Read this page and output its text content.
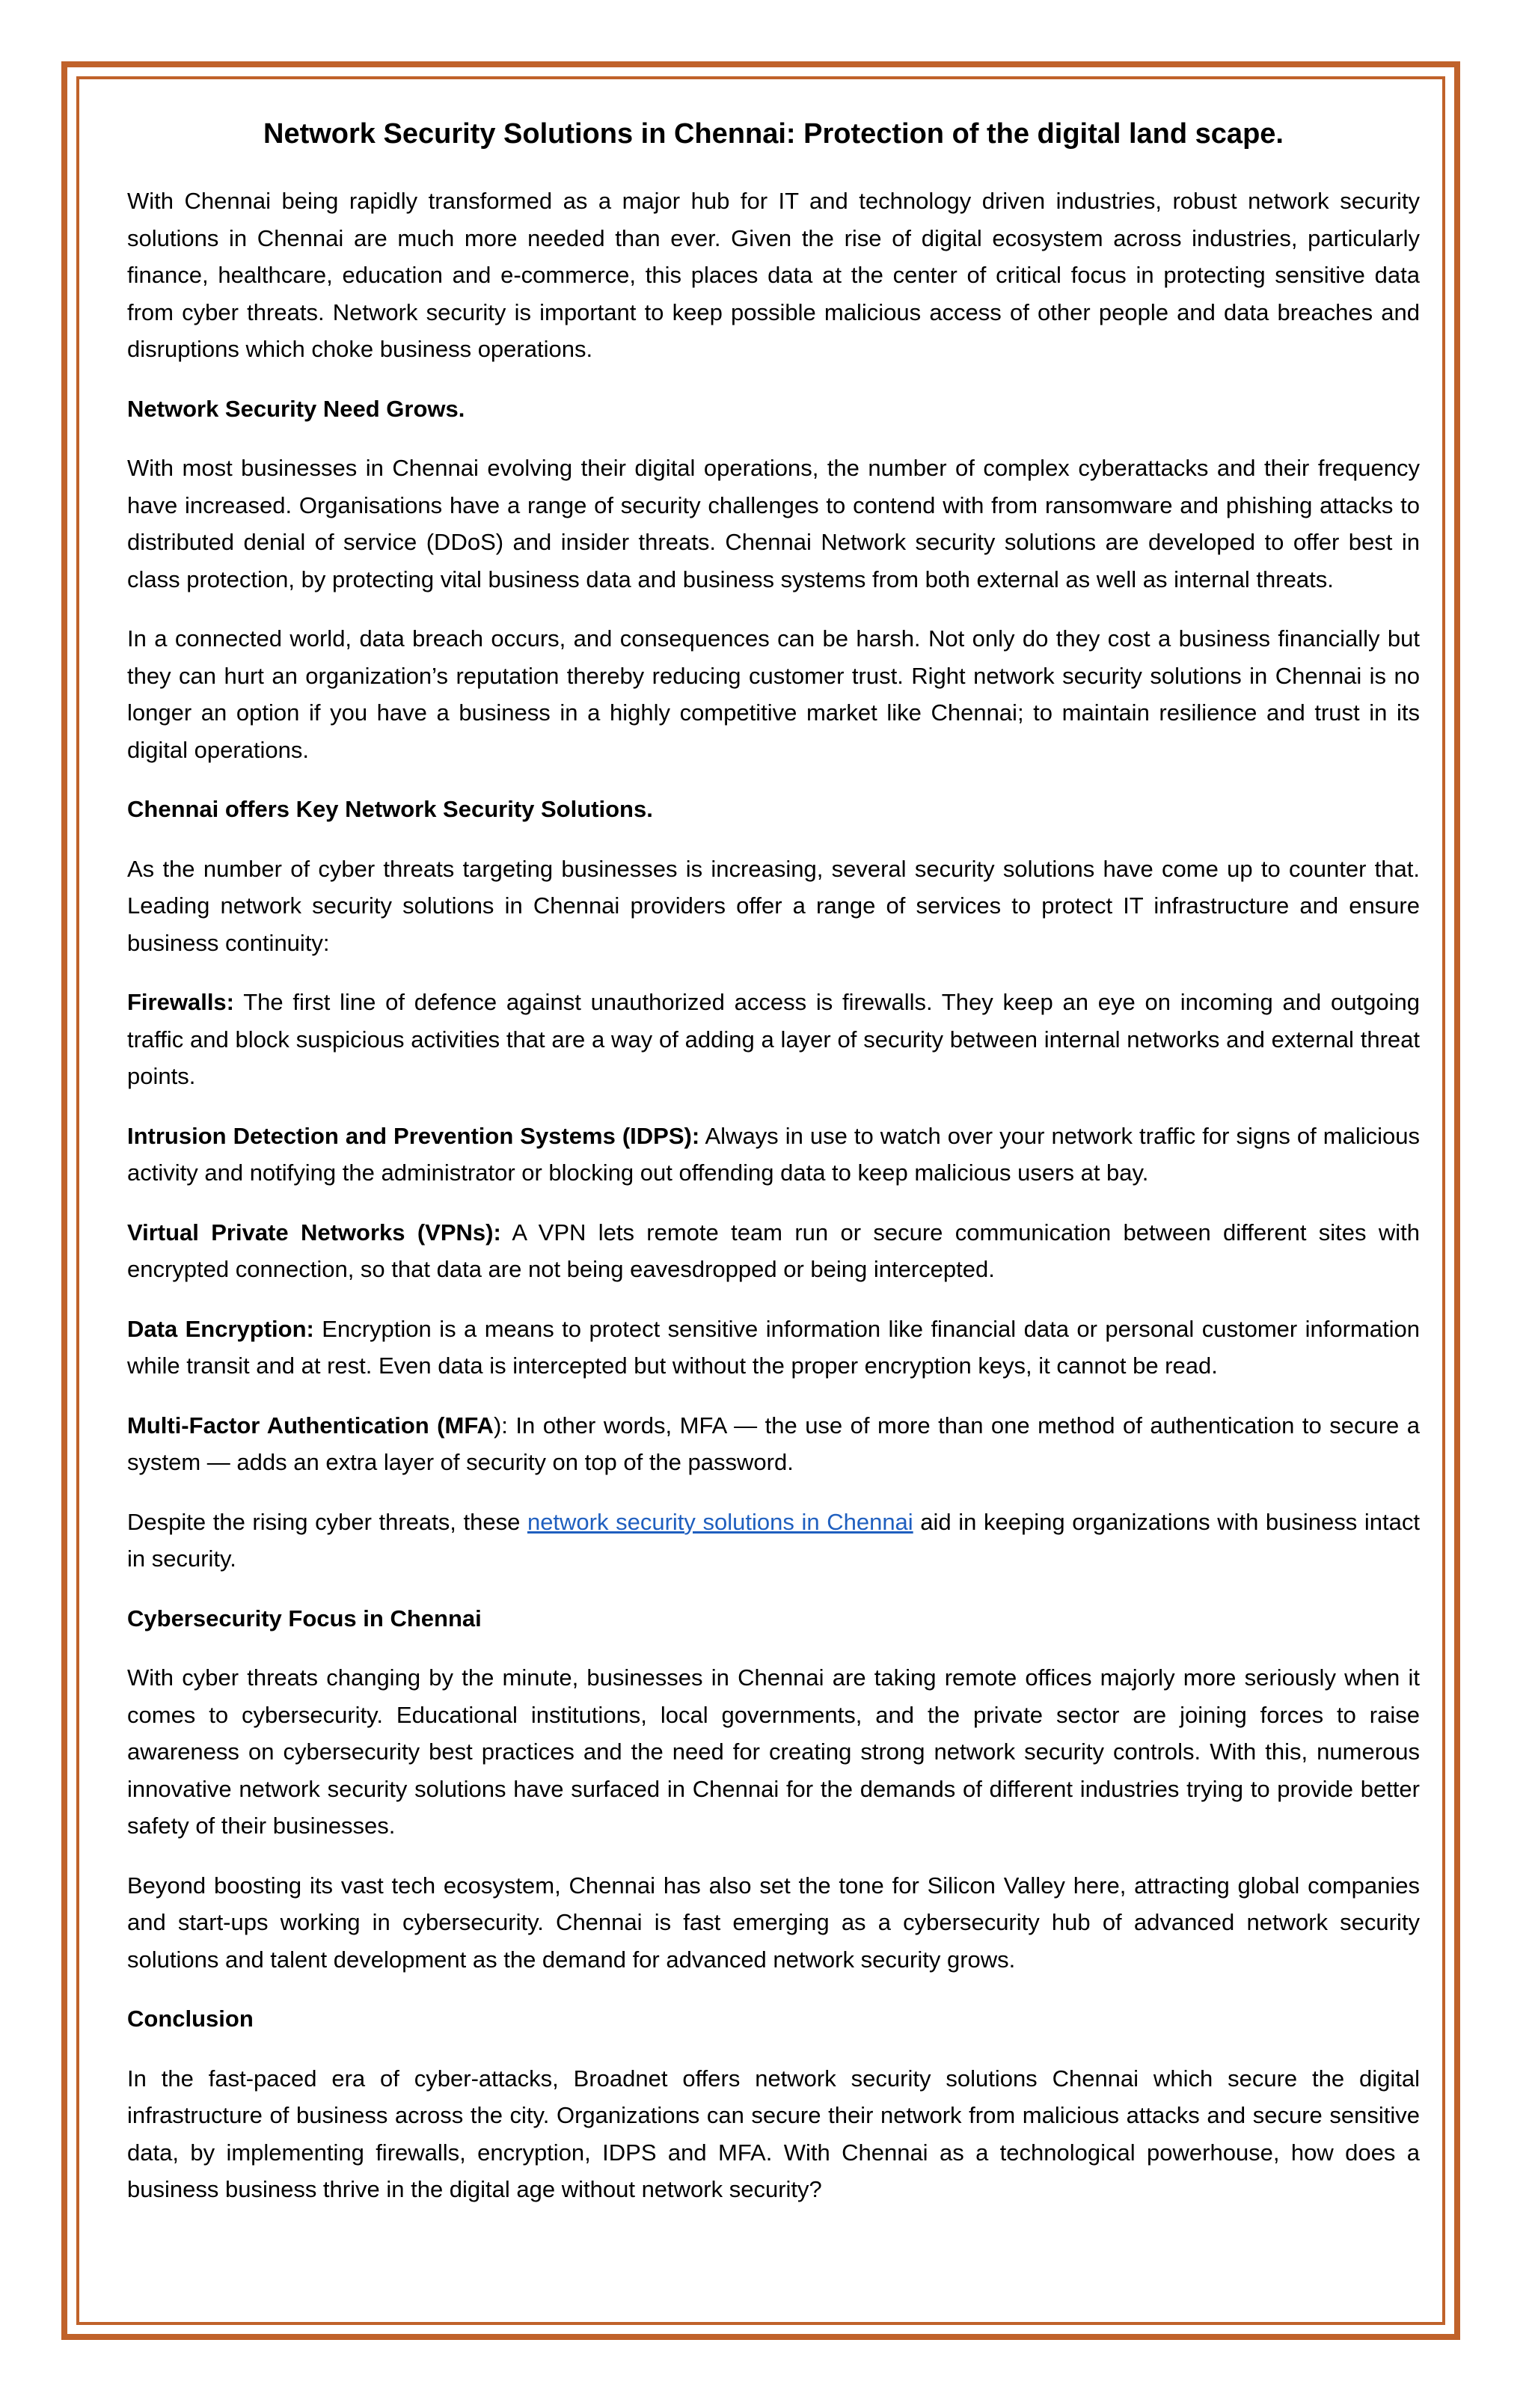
Network Security Solutions in Chennai: Protection of the digital land scape.

With Chennai being rapidly transformed as a major hub for IT and technology driven industries, robust network security solutions in Chennai are much more needed than ever. Given the rise of digital ecosystem across industries, particularly finance, healthcare, education and e-commerce, this places data at the center of critical focus in protecting sensitive data from cyber threats. Network security is important to keep possible malicious access of other people and data breaches and disruptions which choke business operations.

Network Security Need Grows.

With most businesses in Chennai evolving their digital operations, the number of complex cyberattacks and their frequency have increased. Organisations have a range of security challenges to contend with from ransomware and phishing attacks to distributed denial of service (DDoS) and insider threats. Chennai Network security solutions are developed to offer best in class protection, by protecting vital business data and business systems from both external as well as internal threats.

In a connected world, data breach occurs, and consequences can be harsh. Not only do they cost a business financially but they can hurt an organization’s reputation thereby reducing customer trust. Right network security solutions in Chennai is no longer an option if you have a business in a highly competitive market like Chennai; to maintain resilience and trust in its digital operations.

Chennai offers Key Network Security Solutions.

As the number of cyber threats targeting businesses is increasing, several security solutions have come up to counter that. Leading network security solutions in Chennai providers offer a range of services to protect IT infrastructure and ensure business continuity:

Firewalls: The first line of defence against unauthorized access is firewalls. They keep an eye on incoming and outgoing traffic and block suspicious activities that are a way of adding a layer of security between internal networks and external threat points.

Intrusion Detection and Prevention Systems (IDPS): Always in use to watch over your network traffic for signs of malicious activity and notifying the administrator or blocking out offending data to keep malicious users at bay.

Virtual Private Networks (VPNs): A VPN lets remote team run or secure communication between different sites with encrypted connection, so that data are not being eavesdropped or being intercepted.

Data Encryption: Encryption is a means to protect sensitive information like financial data or personal customer information while transit and at rest. Even data is intercepted but without the proper encryption keys, it cannot be read.

Multi-Factor Authentication (MFA): In other words, MFA — the use of more than one method of authentication to secure a system — adds an extra layer of security on top of the password.

Despite the rising cyber threats, these network security solutions in Chennai aid in keeping organizations with business intact in security.

Cybersecurity Focus in Chennai

With cyber threats changing by the minute, businesses in Chennai are taking remote offices majorly more seriously when it comes to cybersecurity. Educational institutions, local governments, and the private sector are joining forces to raise awareness on cybersecurity best practices and the need for creating strong network security controls. With this, numerous innovative network security solutions have surfaced in Chennai for the demands of different industries trying to provide better safety of their businesses.

Beyond boosting its vast tech ecosystem, Chennai has also set the tone for Silicon Valley here, attracting global companies and start-ups working in cybersecurity. Chennai is fast emerging as a cybersecurity hub of advanced network security solutions and talent development as the demand for advanced network security grows.

Conclusion

In the fast-paced era of cyber-attacks, Broadnet offers network security solutions Chennai which secure the digital infrastructure of business across the city. Organizations can secure their network from malicious attacks and secure sensitive data, by implementing firewalls, encryption, IDPS and MFA. With Chennai as a technological powerhouse, how does a business business thrive in the digital age without network security?
